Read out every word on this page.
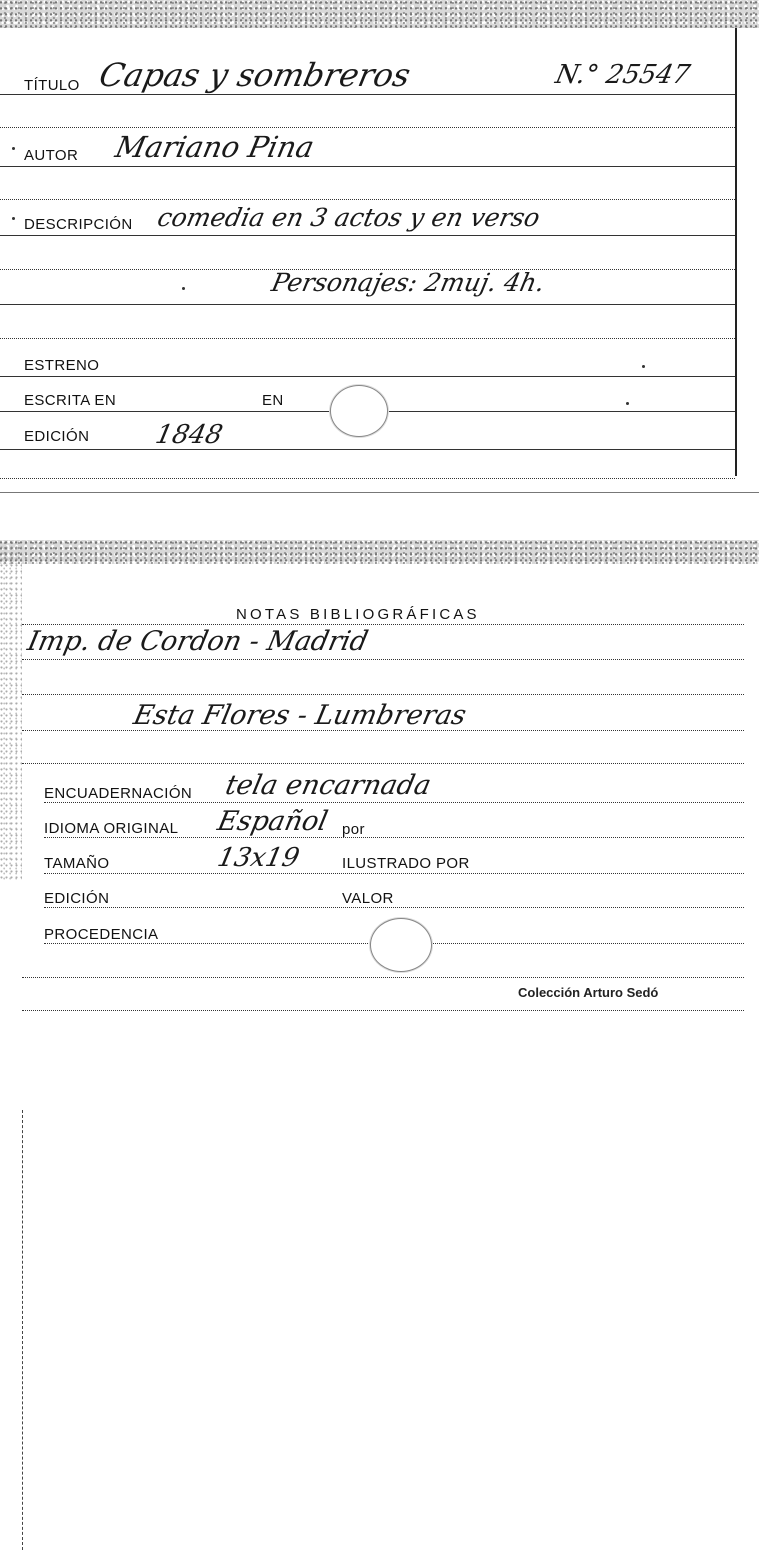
TÍTULO Capas y sombreros	N.° 25547
AUTOR Mariano Pina
DESCRIPCIÓN comedia en 3 actos y en verso
Personajes: 2muj. 4h.
ESTRENO
ESCRITA EN	EN
EDICIÓN 1848
NOTAS BIBLIOGRÁFICAS
Imp. de Cordon - Madrid
Esta Flores - Lumbreras
ENCUADERNACIÓN tela encarnada
IDIOMA ORIGINAL Español por
TAMAÑO	13x19	ILUSTRADO POR
EDICIÓN	VALOR
PROCEDENCIA
Colección Arturo Sedó
